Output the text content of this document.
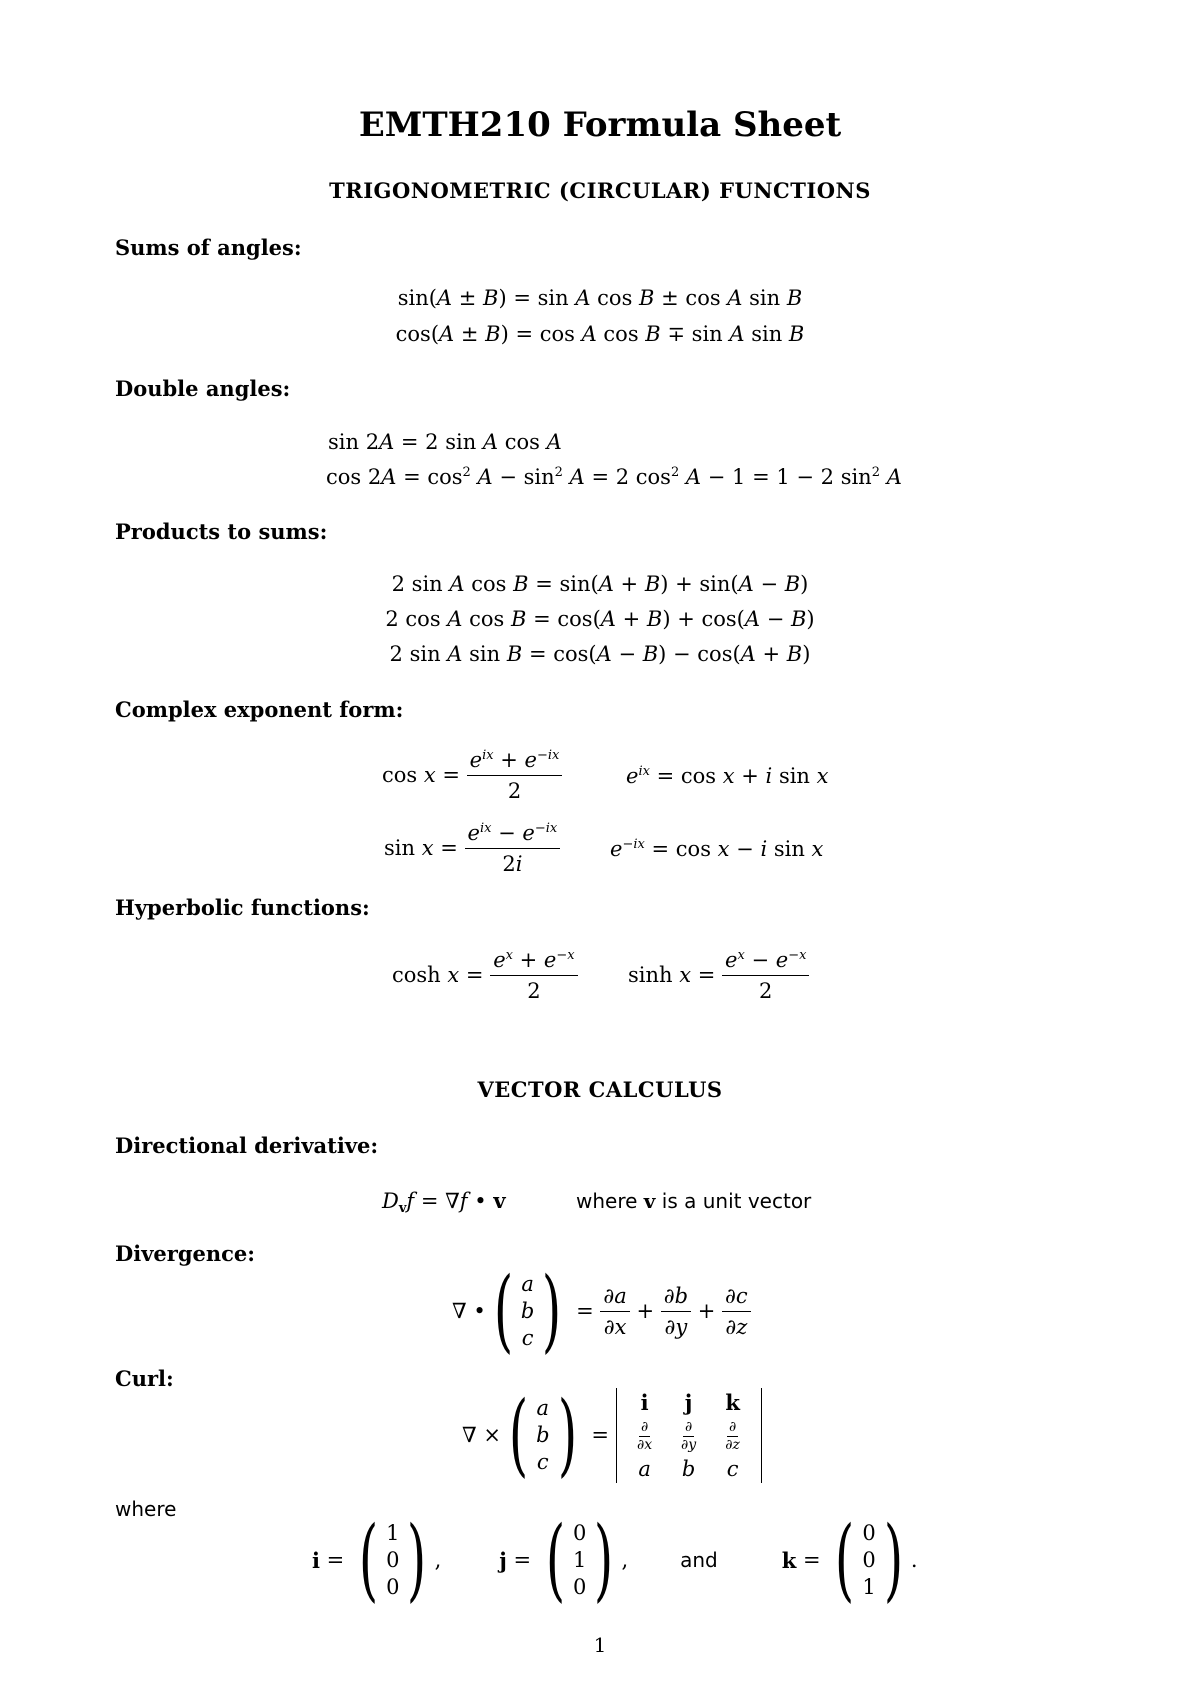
EMTH210 Formula Sheet
TRIGONOMETRIC (CIRCULAR) FUNCTIONS
Sums of angles:
sin(A ± B) = sin A cos B ± cos A sin B
cos(A ± B) = cos A cos B ∓ sin A sin B
Double angles:
sin 2A = 2 sin A cos A
$\cos 2A = \cos^2 A - \sin^2 A = 2$ $\cos^2 A - 1 = 1 - 2$ $\sin^2 A$
Products to sums:
2 sin A cos B = sin(A + B) + sin(A − B)
2 cos A cos B = cos(A + B) + cos(A − B)
2 sin A sin B = cos(A − B) − cos(A + B)
Complex exponent form:
$\cos x = \frac{e^{ix} + e^{-ix}}{2}$	$e^{ix} = \cos x + i$ sin x
$\sin x = \frac{e^{ix} - e^{-ix}}{2i} e^{-ix} = \cos x - i$ sin x
Hyperbolic functions:
$\cosh x = \frac{e^x + e^{-x}}{2}$ $\sinh x = \frac{e^x - e^{-x}}{2}$
VECTOR CALCULUS
Directional derivative:
$D_vf = \nabla f$ • v	where v is a unit vector
Divergence:
∇ • ( a
b
c ) = $\frac{\partial a}{\partial x} + \frac{\partial b}{\partial y} + \frac{\partial c}{\partial z}$
Curl:
∇ × ( a
b
c ) =
i	j	k
$\frac{\partial}{\partial x} \frac{\partial}{\partial y} \frac{\partial}{\partial z}$
a	b	c
where
i = ( 1
0
0 ) ,	j = ( 0
1
0 ) ,	and	k = ( 0
0
1 ) .
1
